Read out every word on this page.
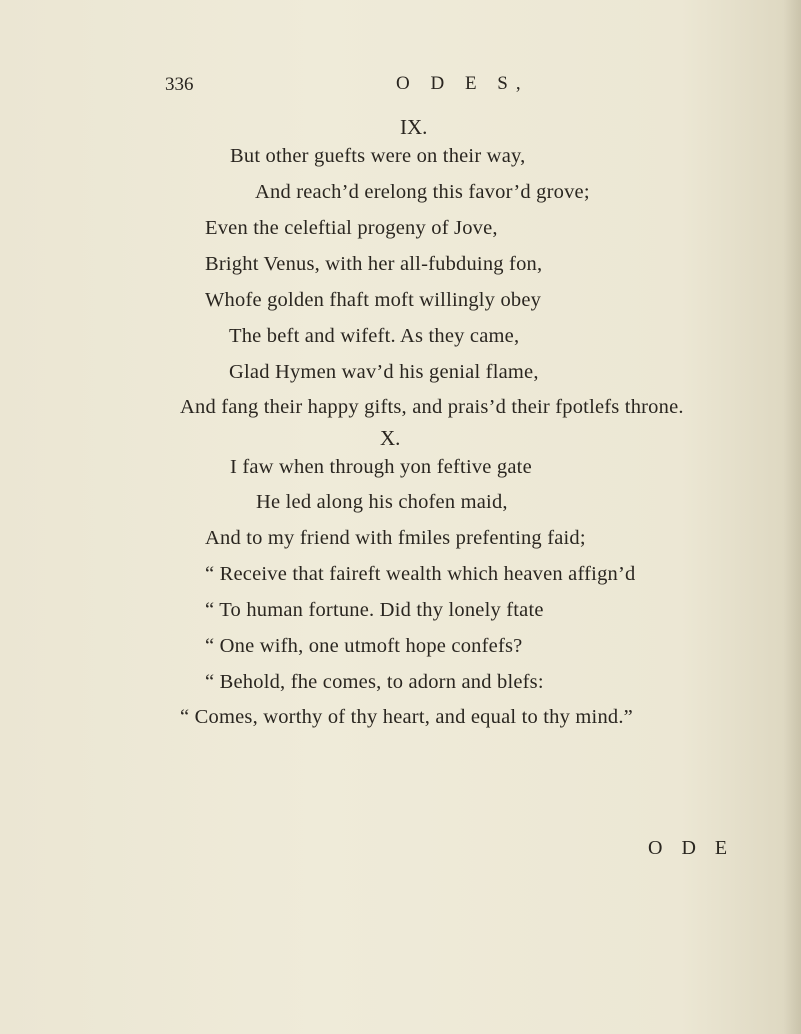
336	O D E S,
IX.
But other guefts were on their way,
And reach’d erelong this favor’d grove;
Even the celeftial progeny of Jove,
Bright Venus, with her all-fubduing fon,
Whofe golden fhaft moft willingly obey
The beft and wifeft. As they came,
Glad Hymen wav’d his genial flame,
And fang their happy gifts, and prais’d their fpotlefs throne.
X.
I faw when through yon feftive gate
He led along his chofen maid,
And to my friend with fmiles prefenting faid;
“ Receive that faireft wealth which heaven affign’d
“ To human fortune. Did thy lonely ftate
“ One wifh, one utmoft hope confefs?
“ Behold, fhe comes, to adorn and blefs:
“ Comes, worthy of thy heart, and equal to thy mind.”
O D E
